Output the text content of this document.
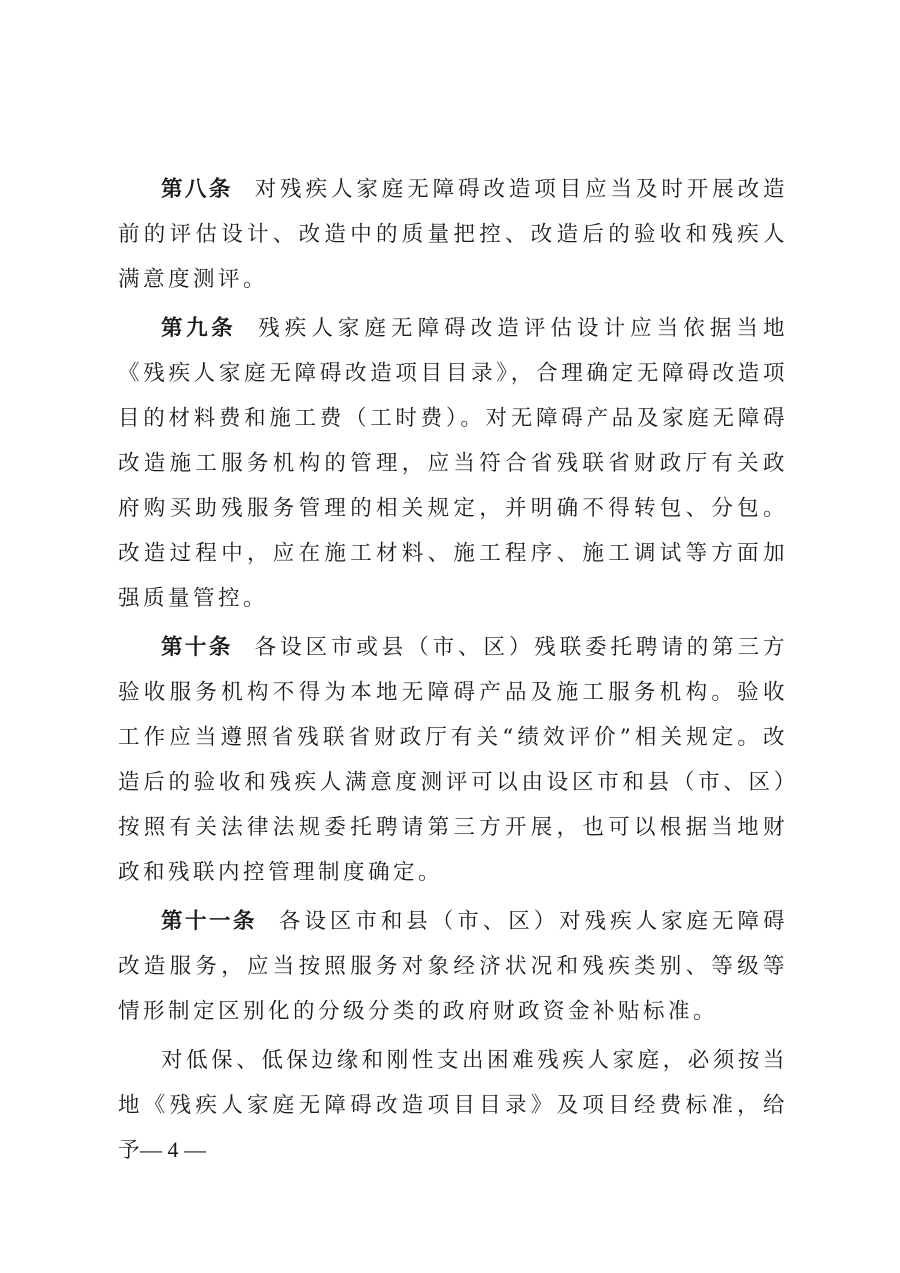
第八条 对残疾人家庭无障碍改造项目应当及时开展改造前的评估设计、改造中的质量把控、改造后的验收和残疾人满意度测评。

第九条 残疾人家庭无障碍改造评估设计应当依据当地《残疾人家庭无障碍改造项目目录》，合理确定无障碍改造项目的材料费和施工费（工时费）。对无障碍产品及家庭无障碍改造施工服务机构的管理，应当符合省残联省财政厅有关政府购买助残服务管理的相关规定，并明确不得转包、分包。改造过程中，应在施工材料、施工程序、施工调试等方面加强质量管控。

第十条 各设区市或县（市、区）残联委托聘请的第三方验收服务机构不得为本地无障碍产品及施工服务机构。验收工作应当遵照省残联省财政厅有关“绩效评价”相关规定。改造后的验收和残疾人满意度测评可以由设区市和县（市、区）按照有关法律法规委托聘请第三方开展，也可以根据当地财政和残联内控管理制度确定。

第十一条 各设区市和县（市、区）对残疾人家庭无障碍改造服务，应当按照服务对象经济状况和残疾类别、等级等情形制定区别化的分级分类的政府财政资金补贴标准。

对低保、低保边缘和刚性支出困难残疾人家庭，必须按当地《残疾人家庭无障碍改造项目目录》及项目经费标准，给予

— 4 —
